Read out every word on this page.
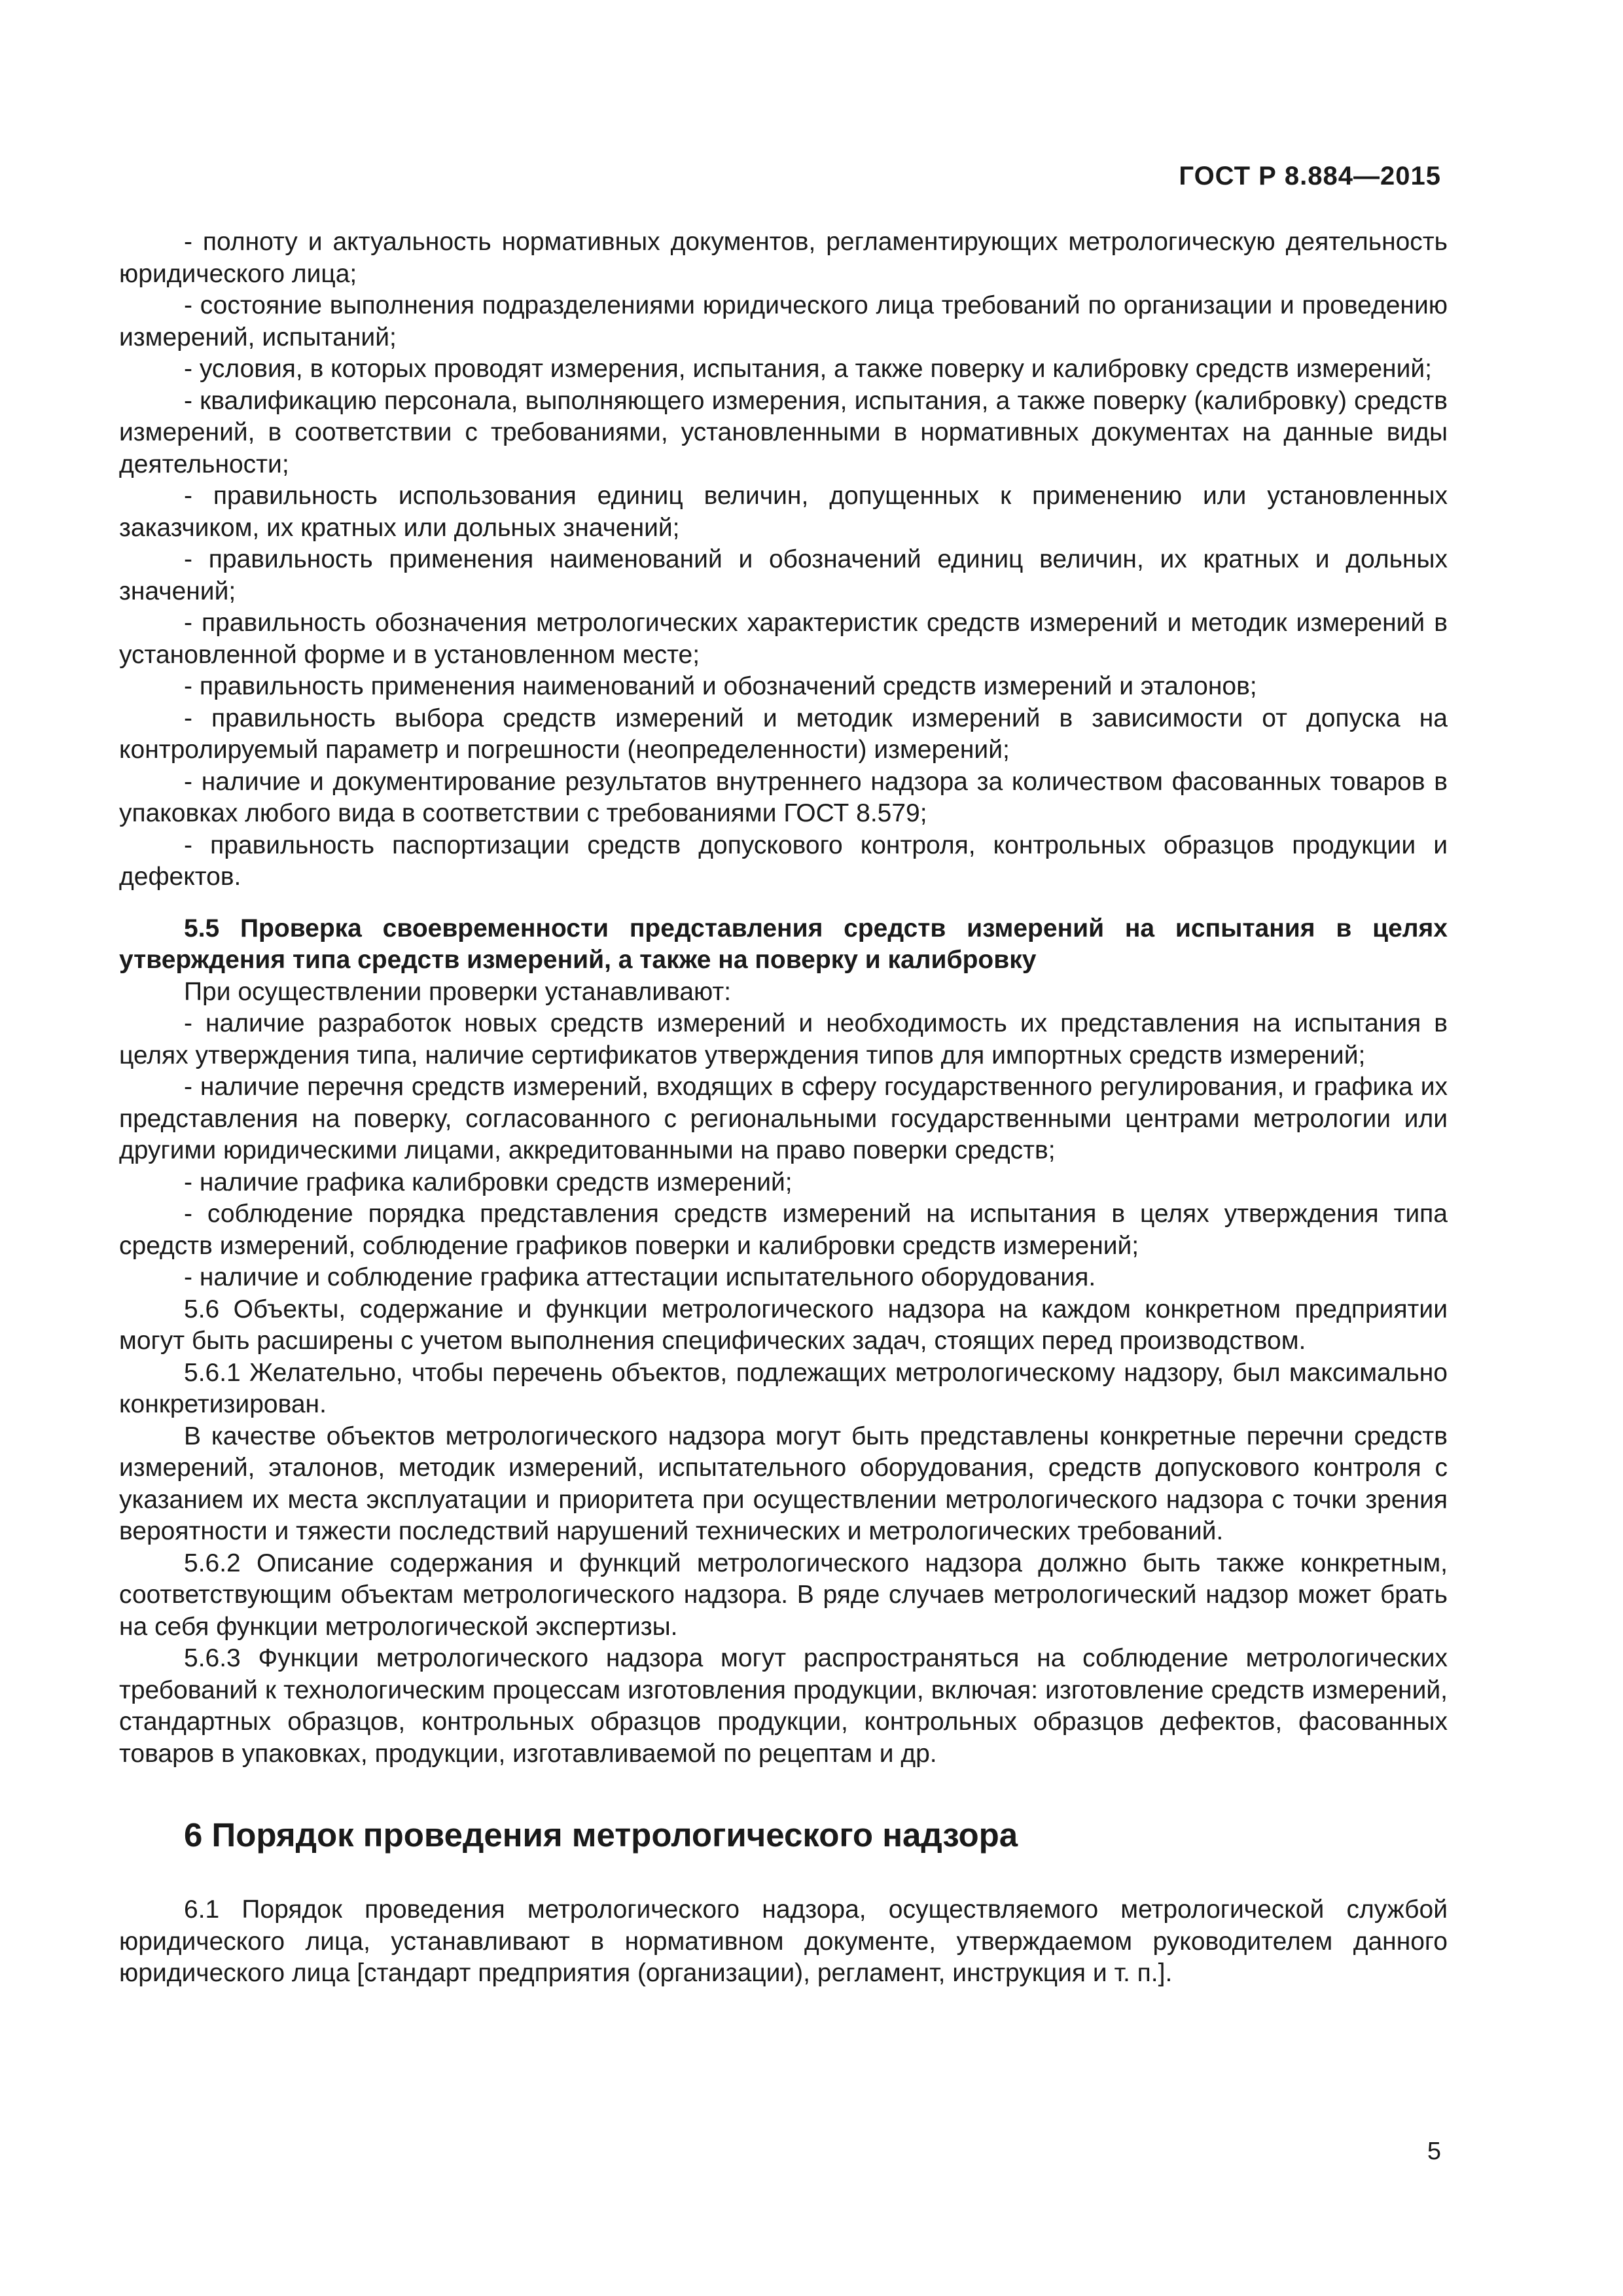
ГОСТ Р 8.884—2015

- полноту и актуальность нормативных документов, регламентирующих метрологическую деятельность юридического лица;

- состояние выполнения подразделениями юридического лица требований по организации и проведению измерений, испытаний;

- условия, в которых проводят измерения, испытания, а также поверку и калибровку средств измерений;

- квалификацию персонала, выполняющего измерения, испытания, а также поверку (калибровку) средств измерений, в соответствии с требованиями, установленными в нормативных документах на данные виды деятельности;

- правильность использования единиц величин, допущенных к применению или установленных заказчиком, их кратных или дольных значений;

- правильность применения наименований и обозначений единиц величин, их кратных и дольных значений;

- правильность обозначения метрологических характеристик средств измерений и методик измерений в установленной форме и в установленном месте;

- правильность применения наименований и обозначений средств измерений и эталонов;

- правильность выбора средств измерений и методик измерений в зависимости от допуска на контролируемый параметр и погрешности (неопределенности) измерений;

- наличие и документирование результатов внутреннего надзора за количеством фасованных товаров в упаковках любого вида в соответствии с требованиями ГОСТ 8.579;

- правильность паспортизации средств допускового контроля, контрольных образцов продукции и дефектов.

5.5 Проверка своевременности представления средств измерений на испытания в целях утверждения типа средств измерений, а также на поверку и калибровку

При осуществлении проверки устанавливают:

- наличие разработок новых средств измерений и необходимость их представления на испытания в целях утверждения типа, наличие сертификатов утверждения типов для импортных средств измерений;

- наличие перечня средств измерений, входящих в сферу государственного регулирования, и графика их представления на поверку, согласованного с региональными государственными центрами метрологии или другими юридическими лицами, аккредитованными на право поверки средств;

- наличие графика калибровки средств измерений;

- соблюдение порядка представления средств измерений на испытания в целях утверждения типа средств измерений, соблюдение графиков поверки и калибровки средств измерений;

- наличие и соблюдение графика аттестации испытательного оборудования.

5.6 Объекты, содержание и функции метрологического надзора на каждом конкретном предприятии могут быть расширены с учетом выполнения специфических задач, стоящих перед производством.

5.6.1 Желательно, чтобы перечень объектов, подлежащих метрологическому надзору, был максимально конкретизирован.

В качестве объектов метрологического надзора могут быть представлены конкретные перечни средств измерений, эталонов, методик измерений, испытательного оборудования, средств допускового контроля с указанием их места эксплуатации и приоритета при осуществлении метрологического надзора с точки зрения вероятности и тяжести последствий нарушений технических и метрологических требований.

5.6.2 Описание содержания и функций метрологического надзора должно быть также конкретным, соответствующим объектам метрологического надзора. В ряде случаев метрологический надзор может брать на себя функции метрологической экспертизы.

5.6.3 Функции метрологического надзора могут распространяться на соблюдение метрологических требований к технологическим процессам изготовления продукции, включая: изготовление средств измерений, стандартных образцов, контрольных образцов продукции, контрольных образцов дефектов, фасованных товаров в упаковках, продукции, изготавливаемой по рецептам и др.

6 Порядок проведения метрологического надзора

6.1 Порядок проведения метрологического надзора, осуществляемого метрологической службой юридического лица, устанавливают в нормативном документе, утверждаемом руководителем данного юридического лица [стандарт предприятия (организации), регламент, инструкция и т. п.].

5
